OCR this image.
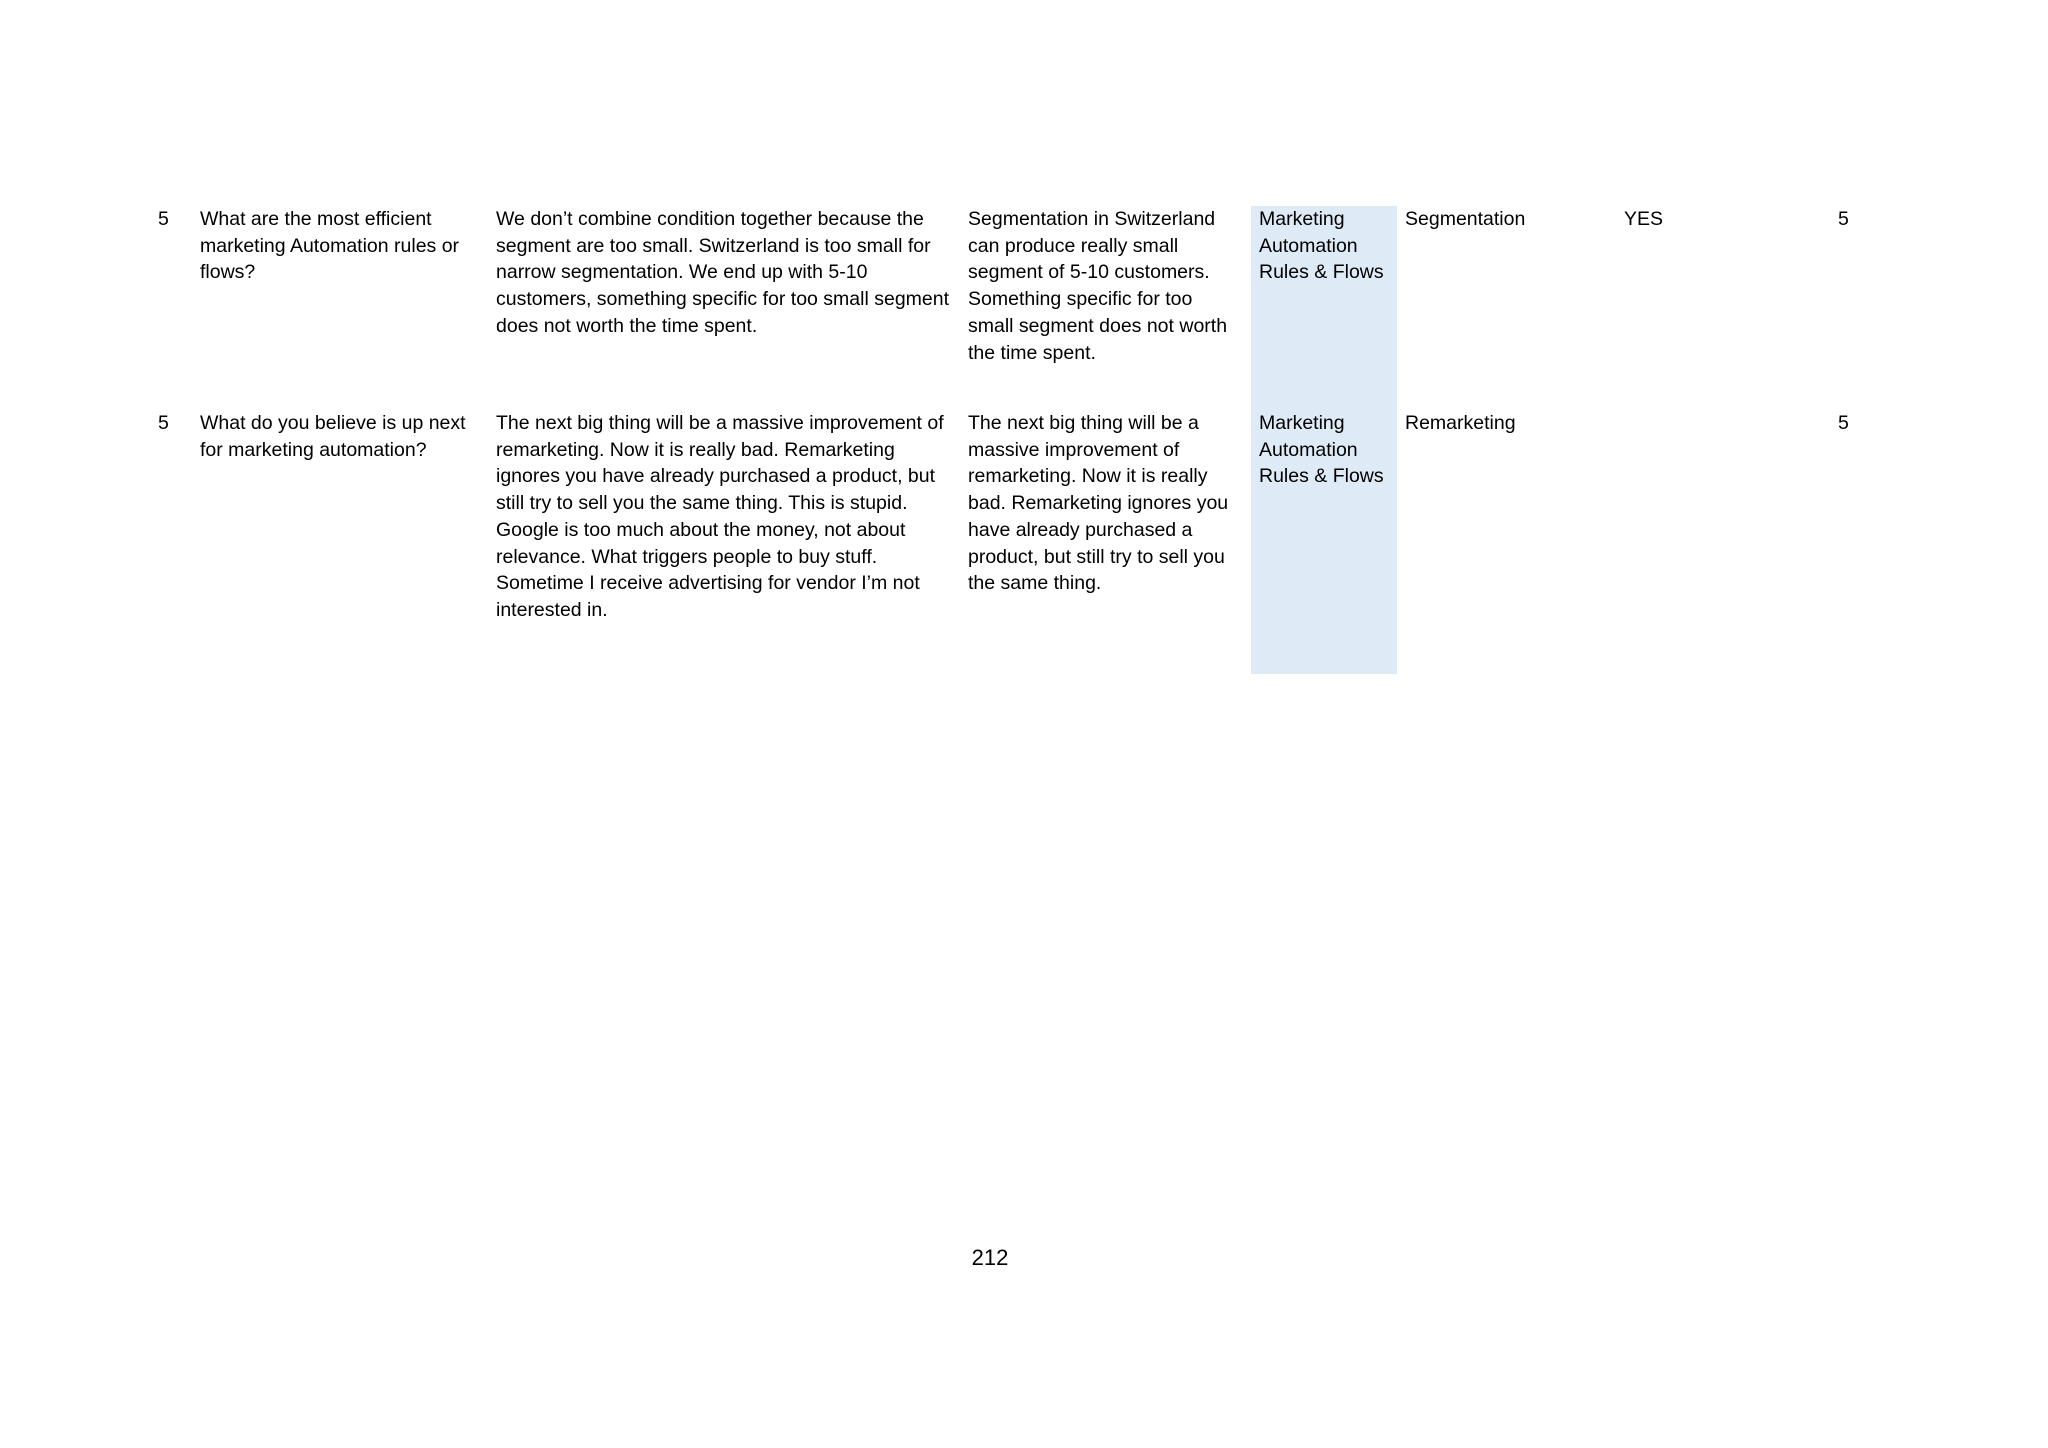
5	What are the most efficient marketing Automation rules or flows?	We don’t combine condition together because the segment are too small. Switzerland is too small for narrow segmentation. We end up with 5-10 customers, something specific for too small segment does not worth the time spent.	Segmentation in Switzerland can produce really small segment of 5-10 customers. Something specific for too small segment does not worth the time spent.	Marketing Automation Rules & Flows	Segmentation	YES	5
5	What do you believe is up next for marketing automation?	The next big thing will be a massive improvement of remarketing. Now it is really bad. Remarketing ignores you have already purchased a product, but still try to sell you the same thing. This is stupid. Google is too much about the money, not about relevance. What triggers people to buy stuff. Sometime I receive advertising for vendor I’m not interested in.	The next big thing will be a massive improvement of remarketing. Now it is really bad. Remarketing ignores you have already purchased a product, but still try to sell you the same thing.	Marketing Automation Rules & Flows	Remarketing		5
212
